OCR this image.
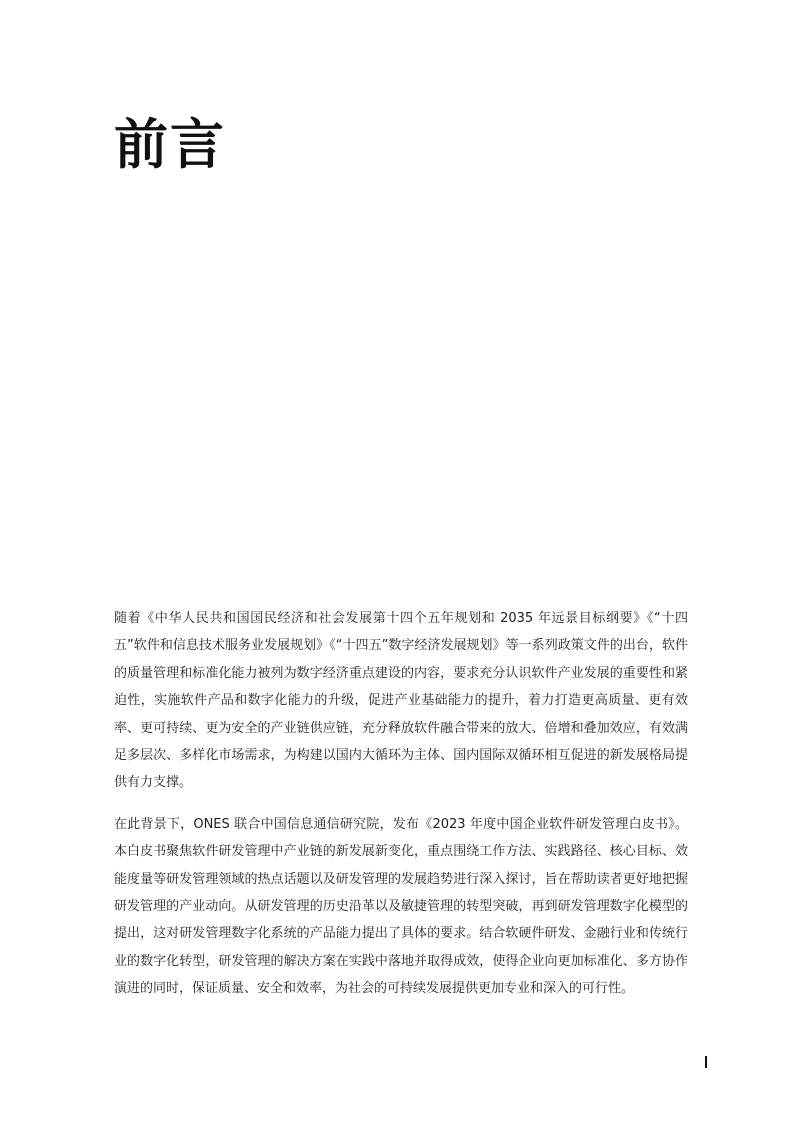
前言

随着《中华人民共和国国民经济和社会发展第十四个五年规划和 2035 年远景目标纲要》《“十四五”软件和信息技术服务业发展规划》《“十四五”数字经济发展规划》等一系列政策文件的出台，软件的质量管理和标准化能力被列为数字经济重点建设的内容，要求充分认识软件产业发展的重要性和紧迫性，实施软件产品和数字化能力的升级，促进产业基础能力的提升，着力打造更高质量、更有效率、更可持续、更为安全的产业链供应链，充分释放软件融合带来的放大、倍增和叠加效应，有效满足多层次、多样化市场需求，为构建以国内大循环为主体、国内国际双循环相互促进的新发展格局提供有力支撑。

在此背景下，ONES 联合中国信息通信研究院，发布《2023 年度中国企业软件研发管理白皮书》。本白皮书聚焦软件研发管理中产业链的新发展新变化，重点围绕工作方法、实践路径、核心目标、效能度量等研发管理领域的热点话题以及研发管理的发展趋势进行深入探讨，旨在帮助读者更好地把握研发管理的产业动向。从研发管理的历史沿革以及敏捷管理的转型突破，再到研发管理数字化模型的提出，这对研发管理数字化系统的产品能力提出了具体的要求。结合软硬件研发、金融行业和传统行业的数字化转型，研发管理的解决方案在实践中落地并取得成效，使得企业向更加标准化、多方协作演进的同时，保证质量、安全和效率，为社会的可持续发展提供更加专业和深入的可行性。
